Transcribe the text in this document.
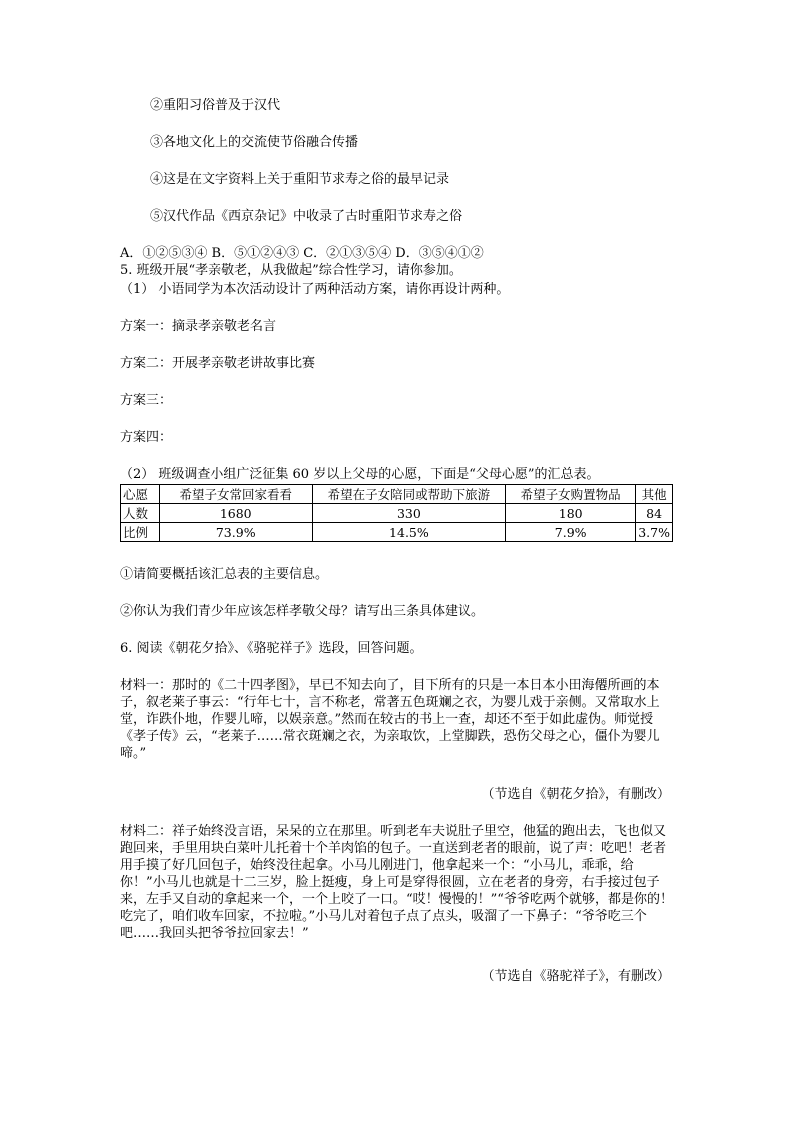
②重阳习俗普及于汉代
③各地文化上的交流使节俗融合传播
④这是在文字资料上关于重阳节求寿之俗的最早记录
⑤汉代作品《西京杂记》中收录了古时重阳节求寿之俗
A．①②⑤③④ B．⑤①②④③ C．②①③⑤④ D．③⑤④①②
5. 班级开展“孝亲敬老，从我做起”综合性学习，请你参加。
（1） 小语同学为本次活动设计了两种活动方案，请你再设计两种。
方案一：摘录孝亲敬老名言
方案二：开展孝亲敬老讲故事比赛
方案三：
方案四：
（2） 班级调查小组广泛征集 60 岁以上父母的心愿，下面是“父母心愿”的汇总表。
心愿	希望子女常回家看看	希望在子女陪同或帮助下旅游	希望子女购置物品	其他
人数	1680	330	180	84
比例	73.9%	14.5%	7.9%	3.7%
①请简要概括该汇总表的主要信息。
②你认为我们青少年应该怎样孝敬父母？请写出三条具体建议。
6. 阅读《朝花夕拾》、《骆驼祥子》选段，回答问题。
材料一：那时的《二十四孝图》，早已不知去向了，目下所有的只是一本日本小田海僊所画的本子，叙老莱子事云：“行年七十，言不称老，常著五色斑斓之衣，为婴儿戏于亲侧。又常取水上堂，诈跌仆地，作婴儿啼，以娱亲意。”然而在较古的书上一查，却还不至于如此虚伪。师觉授《孝子传》云，“老莱子……常衣斑斓之衣，为亲取饮，上堂脚跌，恐伤父母之心，僵仆为婴儿啼。”
（节选自《朝花夕拾》，有删改）
材料二：祥子始终没言语，呆呆的立在那里。听到老车夫说肚子里空，他猛的跑出去，飞也似又跑回来，手里用块白菜叶儿托着十个羊肉馅的包子。一直送到老者的眼前，说了声：吃吧！老者用手摸了好几回包子，始终没往起拿。小马儿刚进门，他拿起来一个：“小马儿，乖乖，给你！”小马儿也就是十二三岁，脸上挺瘦，身上可是穿得很圆，立在老者的身旁，右手接过包子来，左手又自动的拿起来一个，一个上咬了一口。“哎！慢慢的！”“爷爷吃两个就够，都是你的！吃完了，咱们收车回家，不拉啦。”小马儿对着包子点了点头，吸溜了一下鼻子：“爷爷吃三个吧……我回头把爷爷拉回家去！”
（节选自《骆驼祥子》，有删改）
